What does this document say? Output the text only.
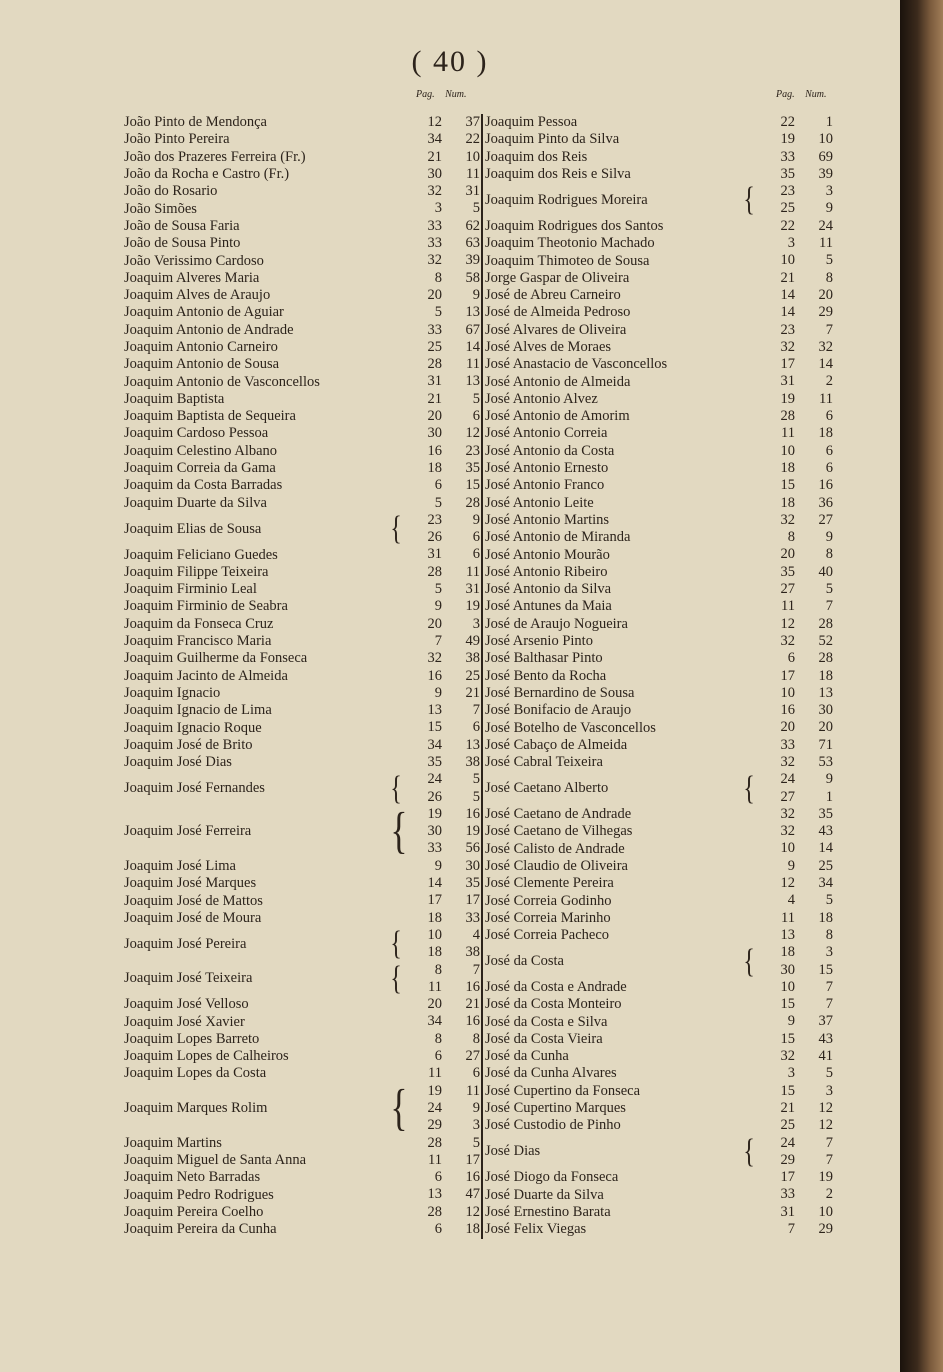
( 40 )
Pag. Num.	Pag. Num.
João Pinto de Mendonça	12	37
João Pinto Pereira	34	22
João dos Prazeres Ferreira (Fr.)	21	10
João da Rocha e Castro (Fr.)	30	11
João do Rosario	32	31
João Simões	3	5
João de Sousa Faria	33	62
João de Sousa Pinto	33	63
João Verissimo Cardoso	32	39
Joaquim Alveres Maria	8	58
Joaquim Alves de Araujo	20	9
Joaquim Antonio de Aguiar	5	13
Joaquim Antonio de Andrade	33	67
Joaquim Antonio Carneiro	25	14
Joaquim Antonio de Sousa	28	11
Joaquim Antonio de Vasconcellos	31	13
Joaquim Baptista	21	5
Joaquim Baptista de Sequeira	20	6
Joaquim Cardoso Pessoa	30	12
Joaquim Celestino Albano	16	23
Joaquim Correia da Gama	18	35
Joaquim da Costa Barradas	6	15
Joaquim Duarte da Silva	5	28
Joaquim Elias de Sousa	{	23	9
26	6
Joaquim Feliciano Guedes	31	6
Joaquim Filippe Teixeira	28	11
Joaquim Firminio Leal	5	31
Joaquim Firminio de Seabra	9	19
Joaquim da Fonseca Cruz	20	3
Joaquim Francisco Maria	7	49
Joaquim Guilherme da Fonseca	32	38
Joaquim Jacinto de Almeida	16	25
Joaquim Ignacio	9	21
Joaquim Ignacio de Lima	13	7
Joaquim Ignacio Roque	15	6
Joaquim José de Brito	34	13
Joaquim José Dias	35	38
Joaquim José Fernandes	{	24	5
26	5
Joaquim José Ferreira	{	19	16
30	19
33	56
Joaquim José Lima	9	30
Joaquim José Marques	14	35
Joaquim José de Mattos	17	17
Joaquim José de Moura	18	33
Joaquim José Pereira	{	10	4
18	38
Joaquim José Teixeira	{	8	7
11	16
Joaquim José Velloso	20	21
Joaquim José Xavier	34	16
Joaquim Lopes Barreto	8	8
Joaquim Lopes de Calheiros	6	27
Joaquim Lopes da Costa	11	6
Joaquim Marques Rolim	{	19	11
24	9
29	3
Joaquim Martins	28	5
Joaquim Miguel de Santa Anna	11	17
Joaquim Neto Barradas	6	16
Joaquim Pedro Rodrigues	13	47
Joaquim Pereira Coelho	28	12
Joaquim Pereira da Cunha	6	18
Joaquim Pessoa	22	1
Joaquim Pinto da Silva	19	10
Joaquim dos Reis	33	69
Joaquim dos Reis e Silva	35	39
Joaquim Rodrigues Moreira	{	23	3
25	9
Joaquim Rodrigues dos Santos	22	24
Joaquim Theotonio Machado	3	11
Joaquim Thimoteo de Sousa	10	5
Jorge Gaspar de Oliveira	21	8
José de Abreu Carneiro	14	20
José de Almeida Pedroso	14	29
José Alvares de Oliveira	23	7
José Alves de Moraes	32	32
José Anastacio de Vasconcellos	17	14
José Antonio de Almeida	31	2
José Antonio Alvez	19	11
José Antonio de Amorim	28	6
José Antonio Correia	11	18
José Antonio da Costa	10	6
José Antonio Ernesto	18	6
José Antonio Franco	15	16
José Antonio Leite	18	36
José Antonio Martins	32	27
José Antonio de Miranda	8	9
José Antonio Mourão	20	8
José Antonio Ribeiro	35	40
José Antonio da Silva	27	5
José Antunes da Maia	11	7
José de Araujo Nogueira	12	28
José Arsenio Pinto	32	52
José Balthasar Pinto	6	28
José Bento da Rocha	17	18
José Bernardino de Sousa	10	13
José Bonifacio de Araujo	16	30
José Botelho de Vasconcellos	20	20
José Cabaço de Almeida	33	71
José Cabral Teixeira	32	53
José Caetano Alberto	{	24	9
27	1
José Caetano de Andrade	32	35
José Caetano de Vilhegas	32	43
José Calisto de Andrade	10	14
José Claudio de Oliveira	9	25
José Clemente Pereira	12	34
José Correia Godinho	4	5
José Correia Marinho	11	18
José Correia Pacheco	13	8
José da Costa	{	18	3
30	15
José da Costa e Andrade	10	7
José da Costa Monteiro	15	7
José da Costa e Silva	9	37
José da Costa Vieira	15	43
José da Cunha	32	41
José da Cunha Alvares	3	5
José Cupertino da Fonseca	15	3
José Cupertino Marques	21	12
José Custodio de Pinho	25	12
José Dias	{	24	7
29	7
José Diogo da Fonseca	17	19
José Duarte da Silva	33	2
José Ernestino Barata	31	10
José Felix Viegas	7	29
